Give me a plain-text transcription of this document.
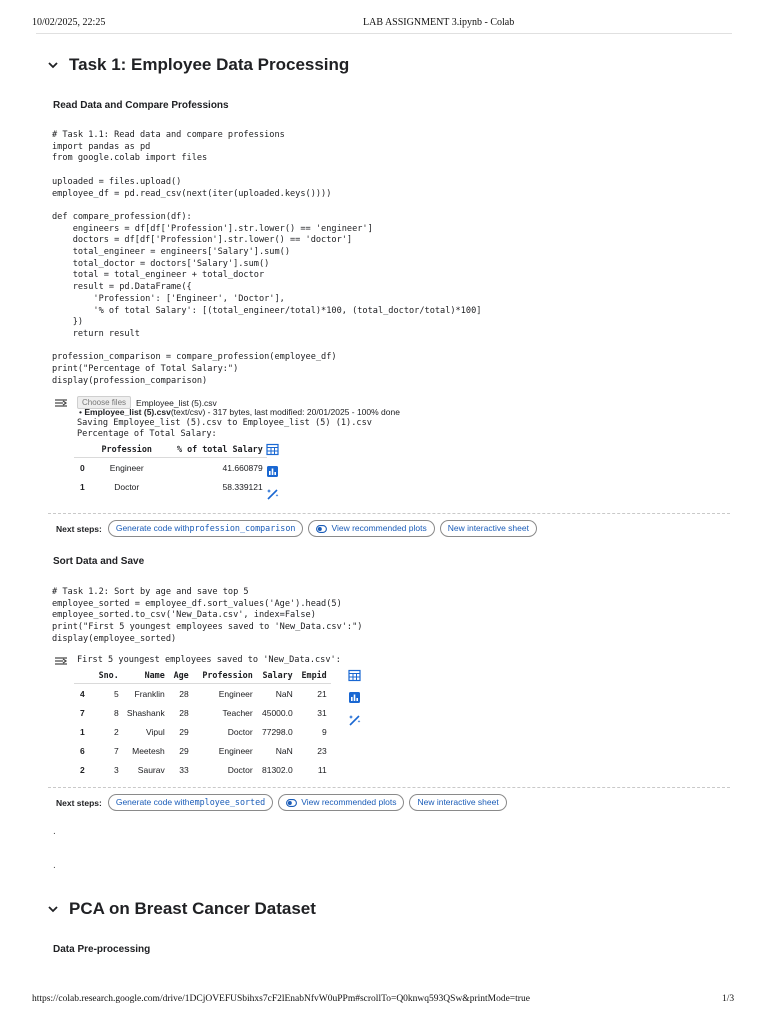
10/02/2025, 22:25	LAB ASSIGNMENT 3.ipynb - Colab
Task 1: Employee Data Processing
Read Data and Compare Professions
# Task 1.1: Read data and compare professions
import pandas as pd
from google.colab import files

uploaded = files.upload()
employee_df = pd.read_csv(next(iter(uploaded.keys())))

def compare_profession(df):
engineers = df[df['Profession'].str.lower() == 'engineer']
doctors = df[df['Profession'].str.lower() == 'doctor']
total_engineer = engineers['Salary'].sum()
total_doctor = doctors['Salary'].sum()
total = total_engineer + total_doctor
result = pd.DataFrame({
'Profession': ['Engineer', 'Doctor'],
'% of total Salary': [(total_engineer/total)*100, (total_doctor/total)*100]
})
return result

profession_comparison = compare_profession(employee_df)
print("Percentage of Total Salary:")
display(profession_comparison)
Choose files	Employee_list (5).csv
• Employee_list (5).csv(text/csv) - 317 bytes, last modified: 20/01/2025 - 100% done
Saving Employee_list (5).csv to Employee_list (5) (1).csv
Percentage of Total Salary:
	Profession	% of total Salary
0	Engineer	41.660879
1	Doctor	58.339121
Next steps: Generate code with profession_comparison	View recommended plots	New interactive sheet
Sort Data and Save
# Task 1.2: Sort by age and save top 5
employee_sorted = employee_df.sort_values('Age').head(5)
employee_sorted.to_csv('New_Data.csv', index=False)
print("First 5 youngest employees saved to 'New_Data.csv':")
display(employee_sorted)
First 5 youngest employees saved to 'New_Data.csv':
	Sno.	Name	Age	Profession	Salary	Empid
4	5	Franklin	28	Engineer	NaN	21
7	8	Shashank	28	Teacher	45000.0	31
1	2	Vipul	29	Doctor	77298.0	9
6	7	Meetesh	29	Engineer	NaN	23
2	3	Saurav	33	Doctor	81302.0	11
Next steps: Generate code with employee_sorted	View recommended plots	New interactive sheet
.
.
PCA on Breast Cancer Dataset
Data Pre-processing
https://colab.research.google.com/drive/1DCjOVEFUSbihxs7cF2lEnabNfvW0uPPm#scrollTo=Q0knwq593QSw&printMode=true	1/3
